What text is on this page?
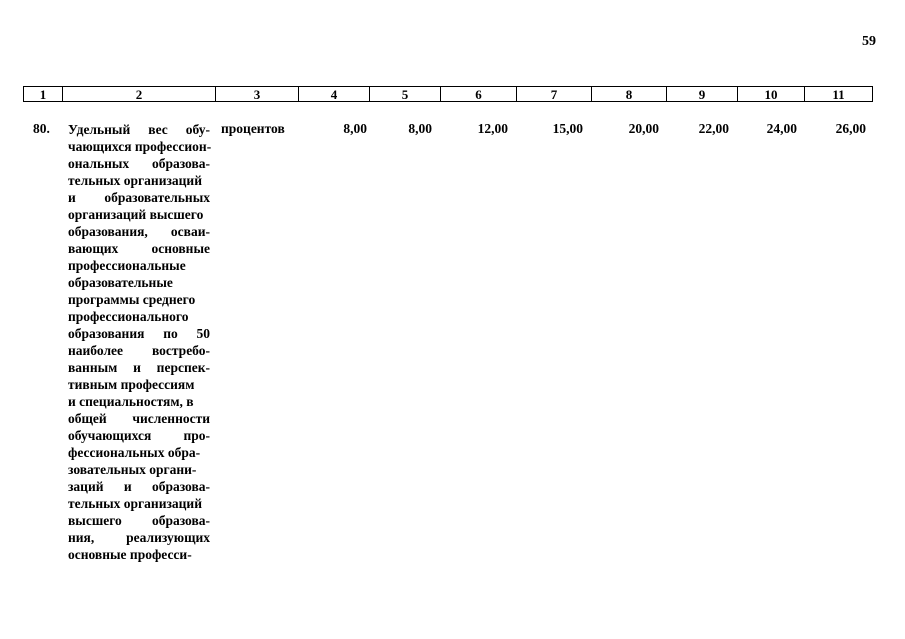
59
1	2	3	4	5	6	7	8	9	10	11
80. Удельный вес обу-
чающихся профессион-
ональных образова-
тельных организаций
и образовательных
организаций высшего
образования, осваи-
вающих основные
профессиональные
образовательные
программы среднего
профессионального
образования по 50
наиболее востребо-
ванным и перспек-
тивным профессиям
и специальностям, в
общей численности
обучающихся про-
фессиональных обра-
зовательных органи-
заций и образова-
тельных организаций
высшего образова-
ния, реализующих
основные професси-
процентов	8,00	8,00	12,00	15,00	20,00	22,00	24,00	26,00
